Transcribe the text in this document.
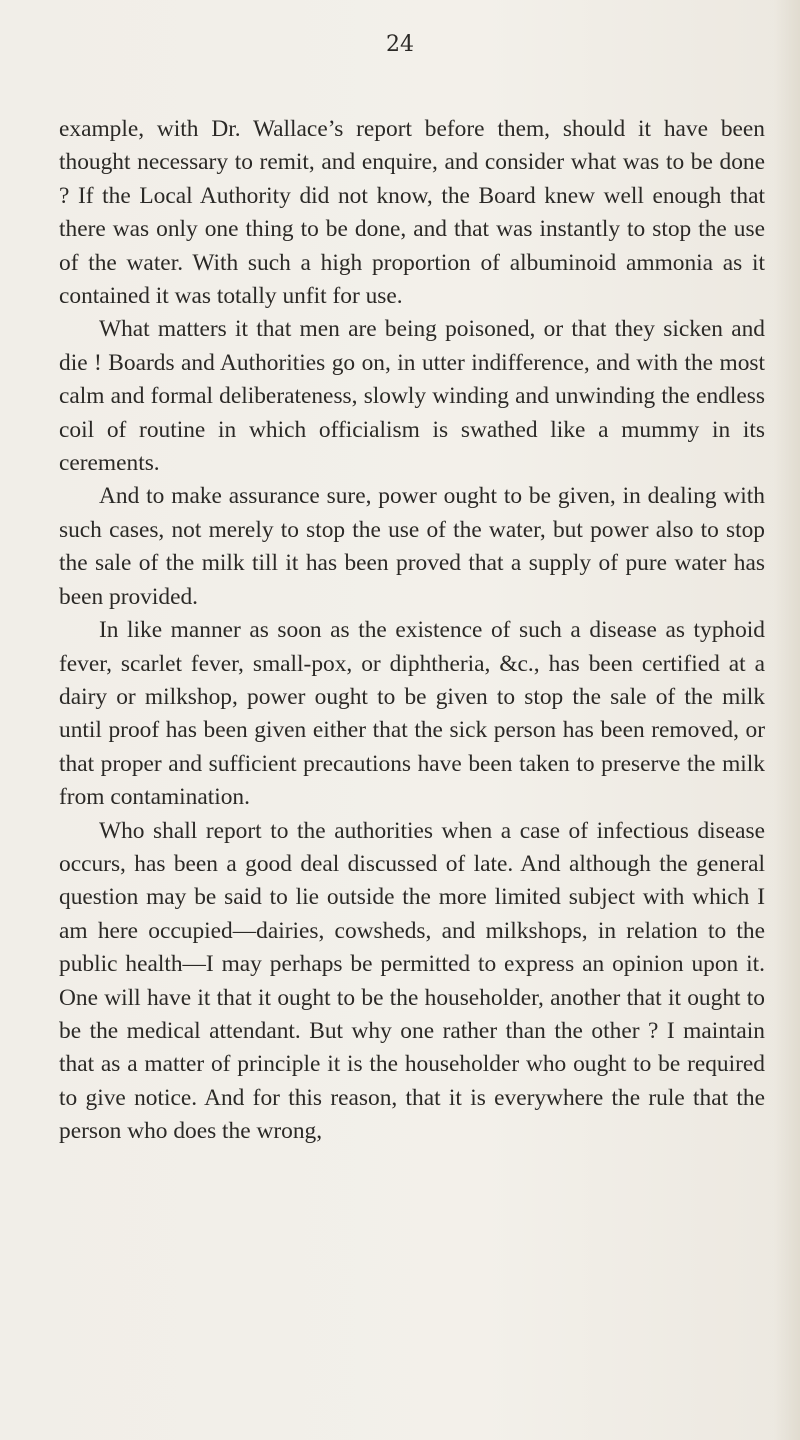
24

example, with Dr. Wallace’s report before them, should it have been thought necessary to remit, and enquire, and consider what was to be done ? If the Local Authority did not know, the Board knew well enough that there was only one thing to be done, and that was instantly to stop the use of the water. With such a high proportion of albuminoid ammonia as it contained it was totally unfit for use.

What matters it that men are being poisoned, or that they sicken and die ! Boards and Authorities go on, in utter indifference, and with the most calm and formal deliberateness, slowly winding and unwinding the endless coil of routine in which officialism is swathed like a mummy in its cerements.

And to make assurance sure, power ought to be given, in dealing with such cases, not merely to stop the use of the water, but power also to stop the sale of the milk till it has been proved that a supply of pure water has been provided.

In like manner as soon as the existence of such a disease as typhoid fever, scarlet fever, small-pox, or diphtheria, &c., has been certified at a dairy or milkshop, power ought to be given to stop the sale of the milk until proof has been given either that the sick person has been removed, or that proper and sufficient precautions have been taken to preserve the milk from contamination.

Who shall report to the authorities when a case of infectious disease occurs, has been a good deal discussed of late. And although the general question may be said to lie outside the more limited subject with which I am here occupied—dairies, cowsheds, and milkshops, in relation to the public health—I may perhaps be permitted to express an opinion upon it. One will have it that it ought to be the householder, another that it ought to be the medical attendant. But why one rather than the other ? I maintain that as a matter of principle it is the householder who ought to be required to give notice. And for this reason, that it is everywhere the rule that the person who does the wrong,
